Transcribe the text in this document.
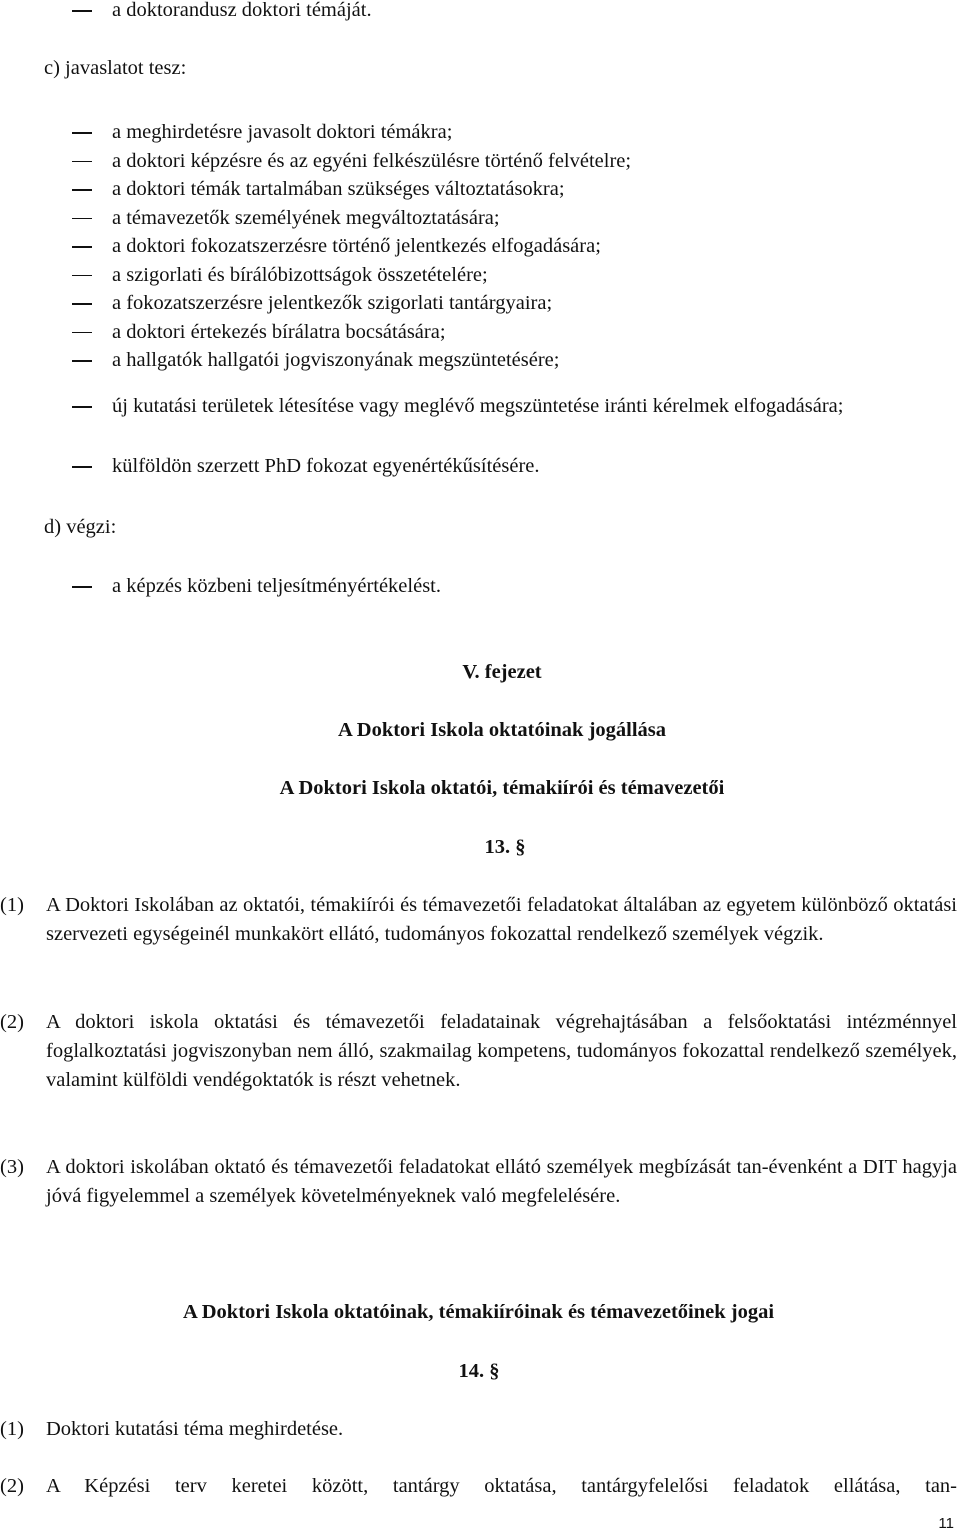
a doktorandusz doktori témáját.
c) javaslatot tesz:
a meghirdetésre javasolt doktori témákra;
a doktori képzésre és az egyéni felkészülésre történő felvételre;
a doktori témák tartalmában szükséges változtatásokra;
a témavezetők személyének megváltoztatására;
a doktori fokozatszerzésre történő jelentkezés elfogadására;
a szigorlati és bírálóbizottságok összetételére;
a fokozatszerzésre jelentkezők szigorlati tantárgyaira;
a doktori értekezés bírálatra bocsátására;
a hallgatók hallgatói jogviszonyának megszüntetésére;
új kutatási területek létesítése vagy meglévő megszüntetése iránti kérelmek elfogadására;
külföldön szerzett PhD fokozat egyenértékűsítésére.
d) végzi:
a képzés közbeni teljesítményértékelést.
V. fejezet
A Doktori Iskola oktatóinak jogállása
A Doktori Iskola oktatói, témakiírói és témavezetői
13. §
(1) A Doktori Iskolában az oktatói, témakiírói és témavezetői feladatokat általában az egyetem különböző oktatási szervezeti egységeinél munkakört ellátó, tudományos fokozattal rendelkező személyek végzik.
(2) A doktori iskola oktatási és témavezetői feladatainak végrehajtásában a felsőoktatási intézménnyel foglalkoztatási jogviszonyban nem álló, szakmailag kompetens, tudományos fokozattal rendelkező személyek, valamint külföldi vendégoktatók is részt vehetnek.
(3) A doktori iskolában oktató és témavezetői feladatokat ellátó személyek megbízását tan-évenként a DIT hagyja jóvá figyelemmel a személyek követelményeknek való megfelelésére.
A Doktori Iskola oktatóinak, témakiíróinak és témavezetőinek jogai
14. §
(1) Doktori kutatási téma meghirdetése.
(2) A Képzési terv keretei között, tantárgy oktatása, tantárgyfelelősi feladatok ellátása, tan-
11
